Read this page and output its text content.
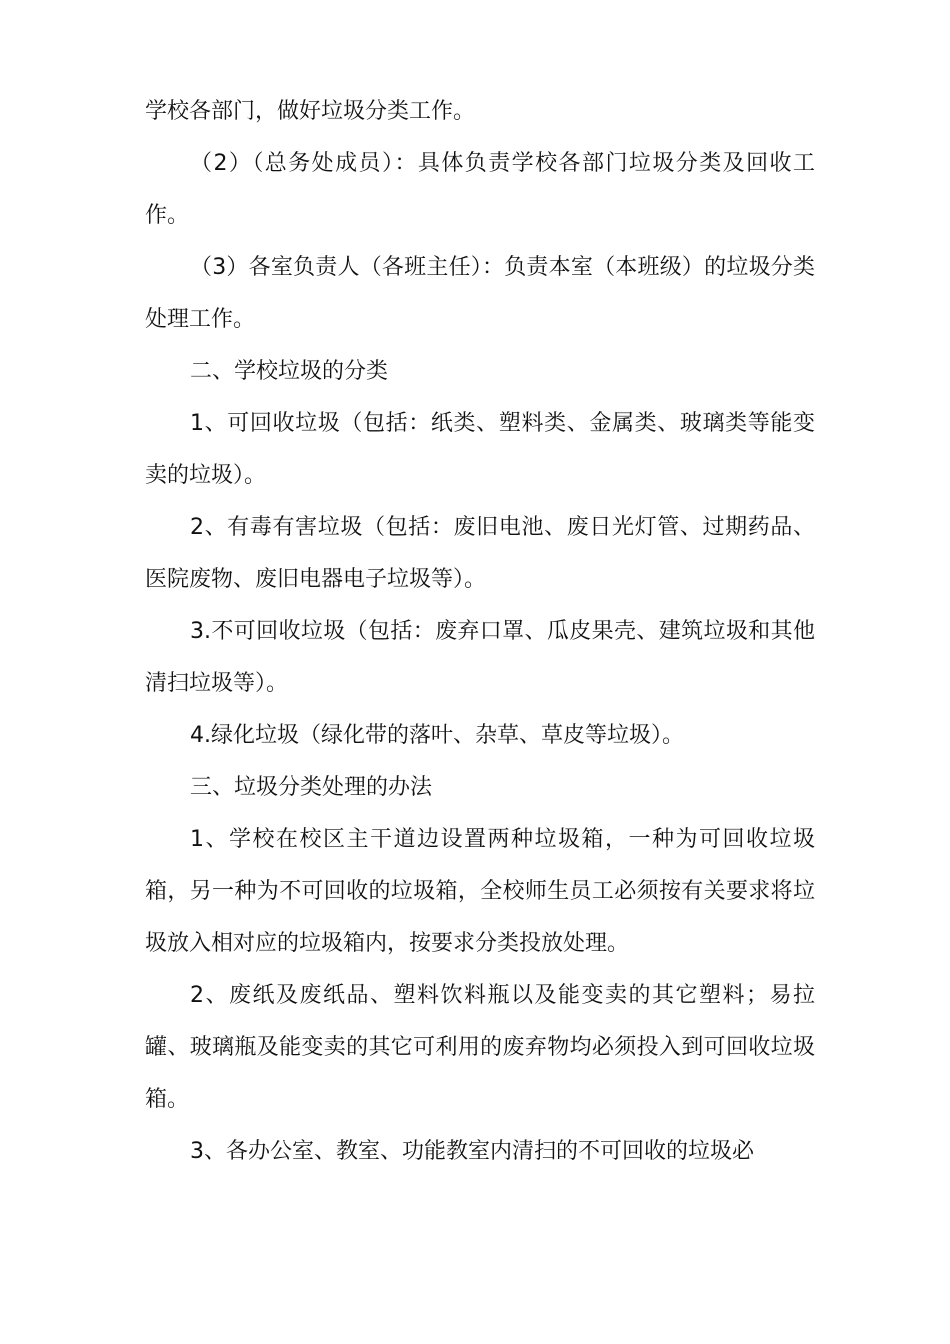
学校各部门，做好垃圾分类工作。

（2）（总务处成员）：具体负责学校各部门垃圾分类及回收工作。

（3）各室负责人（各班主任）：负责本室（本班级）的垃圾分类处理工作。

二、学校垃圾的分类

1、可回收垃圾（包括：纸类、塑料类、金属类、玻璃类等能变卖的垃圾）。

2、有毒有害垃圾（包括：废旧电池、废日光灯管、过期药品、医院废物、废旧电器电子垃圾等）。

3.不可回收垃圾（包括：废弃口罩、瓜皮果壳、建筑垃圾和其他清扫垃圾等）。

4.绿化垃圾（绿化带的落叶、杂草、草皮等垃圾）。

三、垃圾分类处理的办法

1、学校在校区主干道边设置两种垃圾箱，一种为可回收垃圾箱，另一种为不可回收的垃圾箱，全校师生员工必须按有关要求将垃圾放入相对应的垃圾箱内，按要求分类投放处理。

2、废纸及废纸品、塑料饮料瓶以及能变卖的其它塑料；易拉罐、玻璃瓶及能变卖的其它可利用的废弃物均必须投入到可回收垃圾箱。

3、各办公室、教室、功能教室内清扫的不可回收的垃圾必
